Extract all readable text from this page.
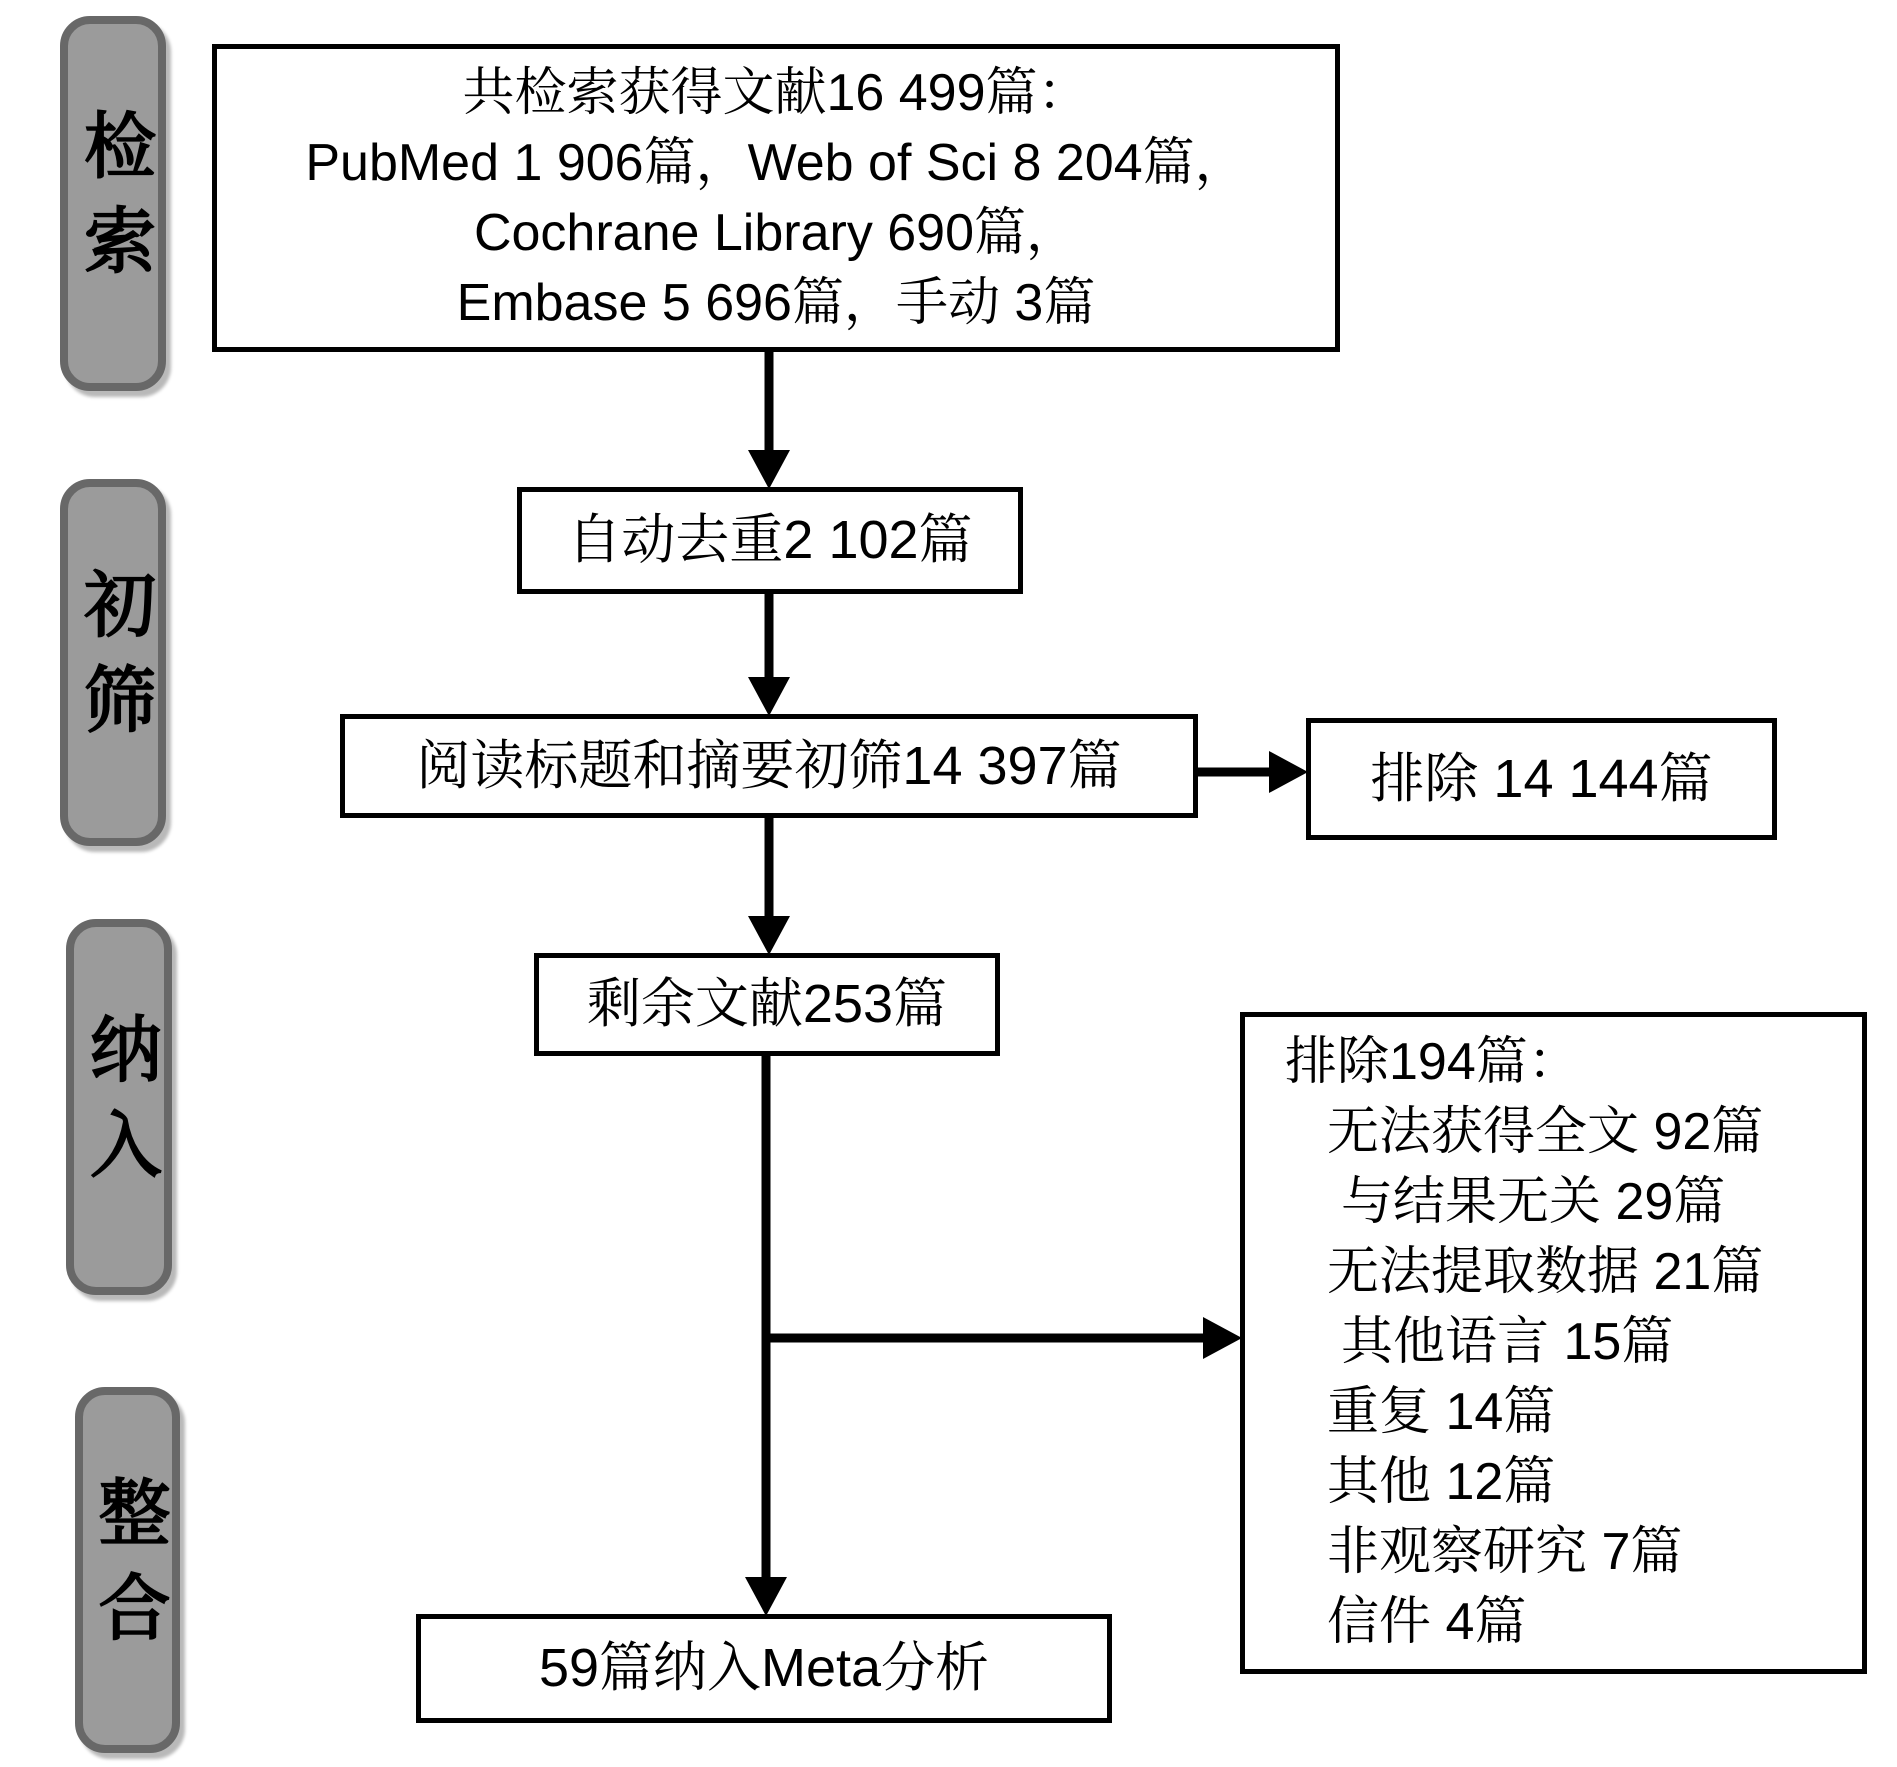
检索
初筛
纳入
整合
共检索获得文献16 499篇：
PubMed 1 906篇，Web of Sci 8 204篇，
Cochrane Library 690篇，
Embase 5 696篇，手动 3篇
自动去重2 102篇
阅读标题和摘要初筛14 397篇	排除 14 144篇
剩余文献253篇
排除194篇：
无法获得全文 92篇
与结果无关 29篇
无法提取数据 21篇
其他语言 15篇
重复 14篇
其他 12篇
非观察研究 7篇
信件 4篇
59篇纳入Meta分析
